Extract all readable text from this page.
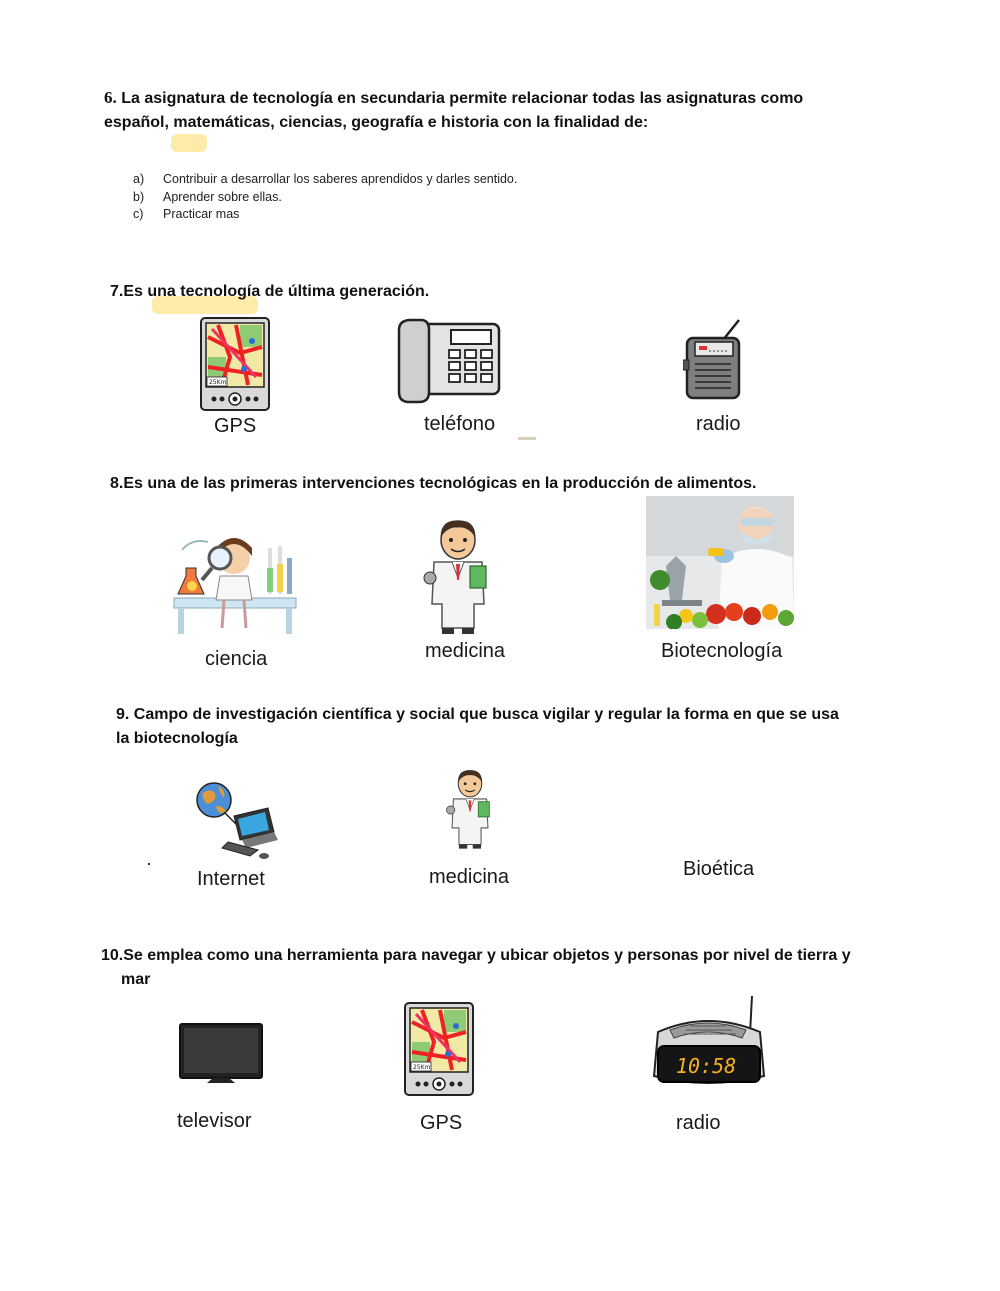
6. La asignatura de tecnología en secundaria permite relacionar todas las asignaturas como
español, matemáticas, ciencias, geografía e historia con la finalidad de:
a) Contribuir a desarrollar los saberes aprendidos y darles sentido.
b) Aprender sobre ellas.
c) Practicar mas
7.Es una tecnología de última generación.
25Km
GPS	teléfono	radio
8.Es una de las primeras intervenciones tecnológicas en la producción de alimentos.
ciencia	medicina	Biotecnología
9. Campo de investigación científica y social que busca vigilar y regular la forma en que se usa
la biotecnología
Internet	medicina	Bioética
10.Se emplea como una herramienta para navegar y ubicar objetos y personas por nivel de tierra y
mar
televisor
25Km
GPS
10:58
radio
